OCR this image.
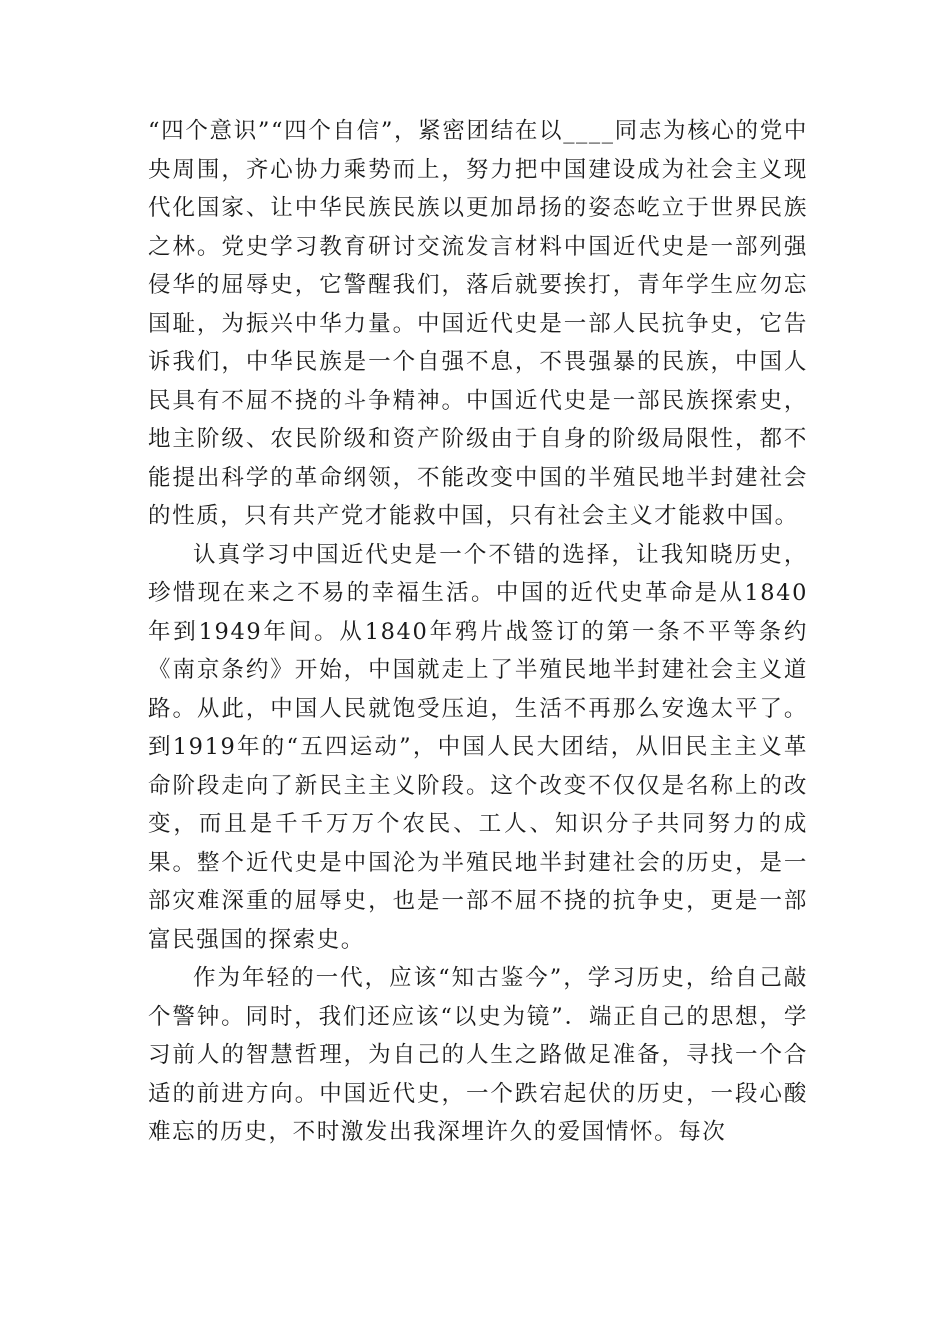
“四个意识”“四个自信”，紧密团结在以____同志为核心的党中央周围，齐心协力乘势而上，努力把中国建设成为社会主义现代化国家、让中华民族民族以更加昂扬的姿态屹立于世界民族之林。党史学习教育研讨交流发言材料中国近代史是一部列强侵华的屈辱史，它警醒我们，落后就要挨打，青年学生应勿忘国耻，为振兴中华力量。中国近代史是一部人民抗争史，它告诉我们，中华民族是一个自强不息，不畏强暴的民族，中国人民具有不屈不挠的斗争精神。中国近代史是一部民族探索史，地主阶级、农民阶级和资产阶级由于自身的阶级局限性，都不能提出科学的革命纲领，不能改变中国的半殖民地半封建社会的性质，只有共产党才能救中国，只有社会主义才能救中国。

认真学习中国近代史是一个不错的选择，让我知晓历史，珍惜现在来之不易的幸福生活。中国的近代史革命是从1840年到1949年间。从1840年鸦片战签订的第一条不平等条约《南京条约》开始，中国就走上了半殖民地半封建社会主义道路。从此，中国人民就饱受压迫，生活不再那么安逸太平了。到1919年的“五四运动”，中国人民大团结，从旧民主主义革命阶段走向了新民主主义阶段。这个改变不仅仅是名称上的改变，而且是千千万万个农民、工人、知识分子共同努力的成果。整个近代史是中国沦为半殖民地半封建社会的历史，是一部灾难深重的屈辱史，也是一部不屈不挠的抗争史，更是一部富民强国的探索史。

作为年轻的一代，应该“知古鉴今”，学习历史，给自己敲个警钟。同时，我们还应该“以史为镜”．端正自己的思想，学习前人的智慧哲理，为自己的人生之路做足准备，寻找一个合适的前进方向。中国近代史，一个跌宕起伏的历史，一段心酸难忘的历史，不时激发出我深埋许久的爱国情怀。每次
